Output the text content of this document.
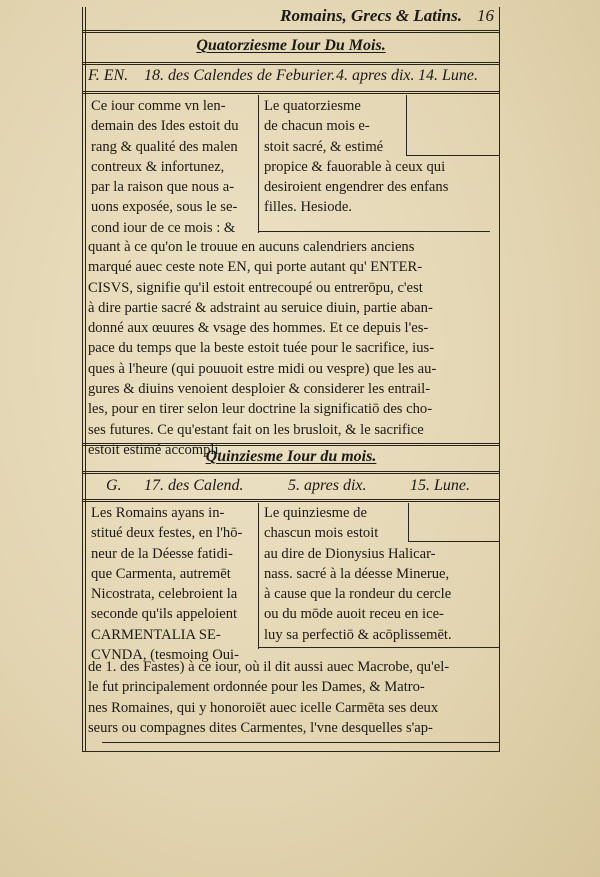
Romains, Grecs & Latins. 16
Quatorziesme Iour Du Mois.
F. EN. 18. des Calendes de Feburier. 4. apres dix. 14. Lune.
Ce iour comme vn len-
demain des Ides estoit du
rang & qualité des malen
contreux & infortunez,
par la raison que nous a-
uons exposée, sous le se-
cond iour de ce mois : &
Le quatorziesme
de chacun mois e-
stoit sacré, & estimé
propice & fauorable à ceux qui
desiroient engendrer des enfans
filles. Hesiode.
quant à ce qu'on le trouue en aucuns calendriers anciens
marqué auec ceste note EN, qui porte autant qu' ENTER-
CISVS, signifie qu'il estoit entrecoupé ou entrerōpu, c'est
à dire partie sacré & adstraint au seruice diuin, partie aban-
donné aux œuures & vsage des hommes. Et ce depuis l'es-
pace du temps que la beste estoit tuée pour le sacrifice, ius-
ques à l'heure (qui pouuoit estre midi ou vespre) que les au-
gures & diuins venoient desploier & considerer les entrail-
les, pour en tirer selon leur doctrine la significatiō des cho-
ses futures. Ce qu'estant fait on les brusloit, & le sacrifice
estoit estimé accompli.
Quinziesme Iour du mois.
G. 17. des Calend.	5. apres dix.	15. Lune.
Les Romains ayans in-
stitué deux festes, en l'hō-
neur de la Déesse fatidi-
que Carmenta, autremēt
Nicostrata, celebroient la
seconde qu'ils appeloient
CARMENTALIA SE-
CVNDA, (tesmoing Oui-
Le quinziesme de
chascun mois estoit
au dire de Dionysius Halicar-
nass. sacré à la déesse Minerue,
à cause que la rondeur du cercle
ou du mōde auoit receu en ice-
luy sa perfectiō & acōplissemēt.
de 1. des Fastes) à ce iour, où il dit aussi auec Macrobe, qu'el-
le fut principalement ordonnée pour les Dames, & Matro-
nes Romaines, qui y honoroiēt auec icelle Carmēta ses deux
seurs ou compagnes dites Carmentes, l'vne desquelles s'ap-
